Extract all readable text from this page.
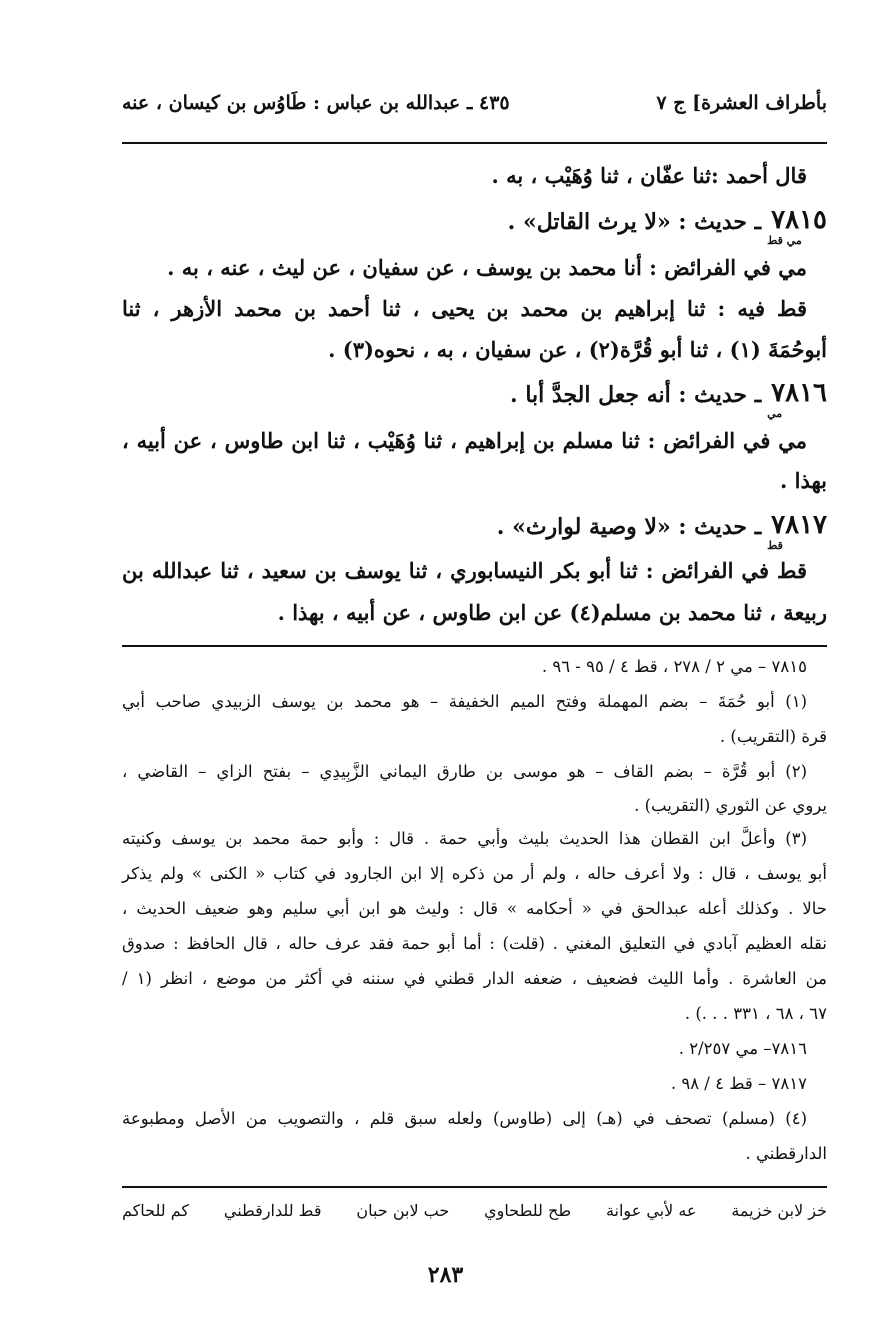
بأطراف العشرة] ج ٧
٤٣٥ ـ عبدالله بن عباس : طَاوُس بن كيسان ، عنه
قال أحمد :ثنا عفّان ، ثنا وُهَيْب ، به .
٧٨١٥
مي قط
ـ حديث : «لا يرث القاتل» .
مي في الفرائض : أنا محمد بن يوسف ، عن سفيان ، عن ليث ، عنه ، به .
قط فيه : ثنا إبراهيم بن محمد بن يحيى ، ثنا أحمد بن محمد الأزهر ، ثنا
أبوحُمَةَ (١) ، ثنا أبو قُرَّة(٢) ، عن سفيان ، به ، نحوه(٣) .
٧٨١٦
مي
ـ حديث : أنه جعل الجدَّ أبا .
مي في الفرائض : ثنا مسلم بن إبراهيم ، ثنا وُهَيْب ، ثنا ابن طاوس ، عن أبيه ،
بهذا .
٧٨١٧
قط
ـ حديث : «لا وصية لوارث» .
قط في الفرائض : ثنا أبو بكر النيسابوري ، ثنا يوسف بن سعيد ، ثنا عبدالله بن
ربيعة ، ثنا محمد بن مسلم(٤) عن ابن طاوس ، عن أبيه ، بهذا .
٧٨١٥ – مي ٢ / ٢٧٨ ، قط ٤ / ٩٥ - ٩٦ .
(١) أبو حُمَةَ – بضم المهملة وفتح الميم الخفيفة – هو محمد بن يوسف الزبيدي صاحب أبي
قرة (التقريب) .
(٢) أبو قُرَّة – بضم القاف – هو موسى بن طارق اليماني الزَّبِيدِي – بفتح الزاي – القاضي ،
يروي عن الثوري (التقريب) .
(٣) وأعلَّ ابن القطان هذا الحديث بليث وأبي حمة . قال : وأبو حمة محمد بن يوسف وكنيته
أبو يوسف ، قال : ولا أعرف حاله ، ولم أر من ذكره إلا ابن الجارود في كتاب « الكنى » ولم يذكر
حالا . وكذلك أعله عبدالحق في « أحكامه » قال : وليث هو ابن أبي سليم وهو ضعيف الحديث ،
نقله العظيم آبادي في التعليق المغني . (قلت) : أما أبو حمة فقد عرف حاله ، قال الحافظ : صدوق
من العاشرة . وأما الليث فضعيف ، ضعفه الدار قطني في سننه في أكثر من موضع ، انظر (١ /
٦٧ ، ٦٨ ، ٣٣١ . . .) .
٧٨١٦– مي ٢/٢٥٧ .
٧٨١٧ – قط ٤ / ٩٨ .
(٤) (مسلم) تصحف في (هـ) إلى (طاوس) ولعله سبق قلم ، والتصويب من الأصل ومطبوعة
الدارقطني .
خز لابن خزيمة
عه لأبي عوانة
طح للطحاوي
حب لابن حبان
قط للدارقطني
كم للحاكم
٢٨٣
